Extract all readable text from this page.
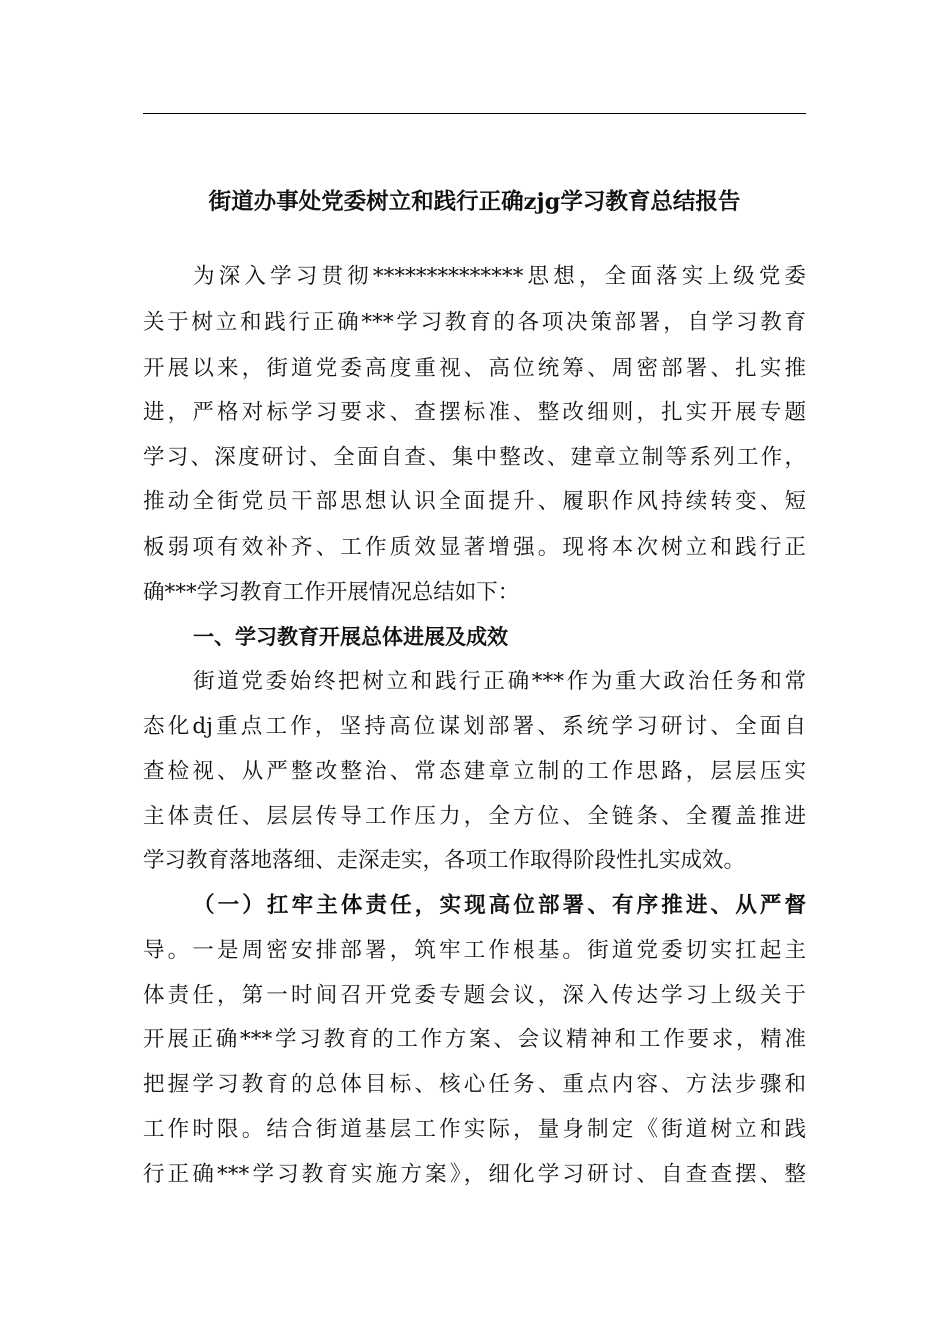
街道办事处党委树立和践行正确zjg学习教育总结报告
为深入学习贯彻**************思想，全面落实上级党委
关于树立和践行正确***学习教育的各项决策部署，自学习教育
开展以来，街道党委高度重视、高位统筹、周密部署、扎实推
进，严格对标学习要求、查摆标准、整改细则，扎实开展专题
学习、深度研讨、全面自查、集中整改、建章立制等系列工作，
推动全街党员干部思想认识全面提升、履职作风持续转变、短
板弱项有效补齐、工作质效显著增强。现将本次树立和践行正
确***学习教育工作开展情况总结如下：
一、学习教育开展总体进展及成效
街道党委始终把树立和践行正确***作为重大政治任务和常
态化dj重点工作，坚持高位谋划部署、系统学习研讨、全面自
查检视、从严整改整治、常态建章立制的工作思路，层层压实
主体责任、层层传导工作压力，全方位、全链条、全覆盖推进
学习教育落地落细、走深走实，各项工作取得阶段性扎实成效。
（一）扛牢主体责任，实现高位部署、有序推进、从严督
导。一是周密安排部署，筑牢工作根基。街道党委切实扛起主
体责任，第一时间召开党委专题会议，深入传达学习上级关于
开展正确***学习教育的工作方案、会议精神和工作要求，精准
把握学习教育的总体目标、核心任务、重点内容、方法步骤和
工作时限。结合街道基层工作实际，量身制定《街道树立和践
行正确***学习教育实施方案》，细化学习研讨、自查查摆、整
